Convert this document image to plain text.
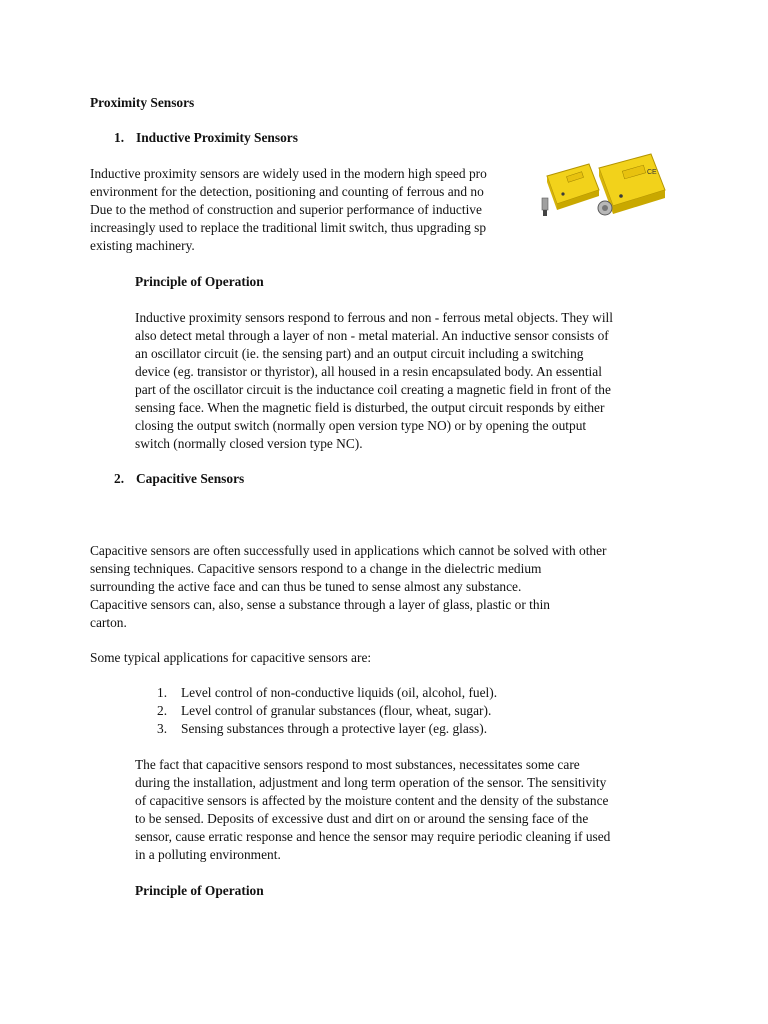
Proximity Sensors
1. Inductive Proximity Sensors

Inductive proximity sensors are widely used in the modern high speed pro
environment for the detection, positioning and counting of ferrous and no
Due to the method of construction and superior performance of inductive
increasingly used to replace the traditional limit switch, thus upgrading sp
existing machinery.

CE
Principle of Operation
Inductive proximity sensors respond to ferrous and non - ferrous metal objects. They will
also detect metal through a layer of non - metal material. An inductive sensor consists of
an oscillator circuit (ie. the sensing part) and an output circuit including a switching
device (eg. transistor or thyristor), all housed in a resin encapsulated body. An essential
part of the oscillator circuit is the inductance coil creating a magnetic field in front of the
sensing face. When the magnetic field is disturbed, the output circuit responds by either
closing the output switch (normally open version type NO) or by opening the output
switch (normally closed version type NC).
2. Capacitive Sensors
Capacitive sensors are often successfully used in applications which cannot be solved with other
sensing techniques. Capacitive sensors respond to a change in the dielectric medium
surrounding the active face and can thus be tuned to sense almost any substance.
Capacitive sensors can, also, sense a substance through a layer of glass, plastic or thin
carton.
Some typical applications for capacitive sensors are:
1. Level control of non-conductive liquids (oil, alcohol, fuel).
2. Level control of granular substances (flour, wheat, sugar).
3. Sensing substances through a protective layer (eg. glass).
The fact that capacitive sensors respond to most substances, necessitates some care
during the installation, adjustment and long term operation of the sensor. The sensitivity
of capacitive sensors is affected by the moisture content and the density of the substance
to be sensed. Deposits of excessive dust and dirt on or around the sensing face of the
sensor, cause erratic response and hence the sensor may require periodic cleaning if used
in a polluting environment.
Principle of Operation
